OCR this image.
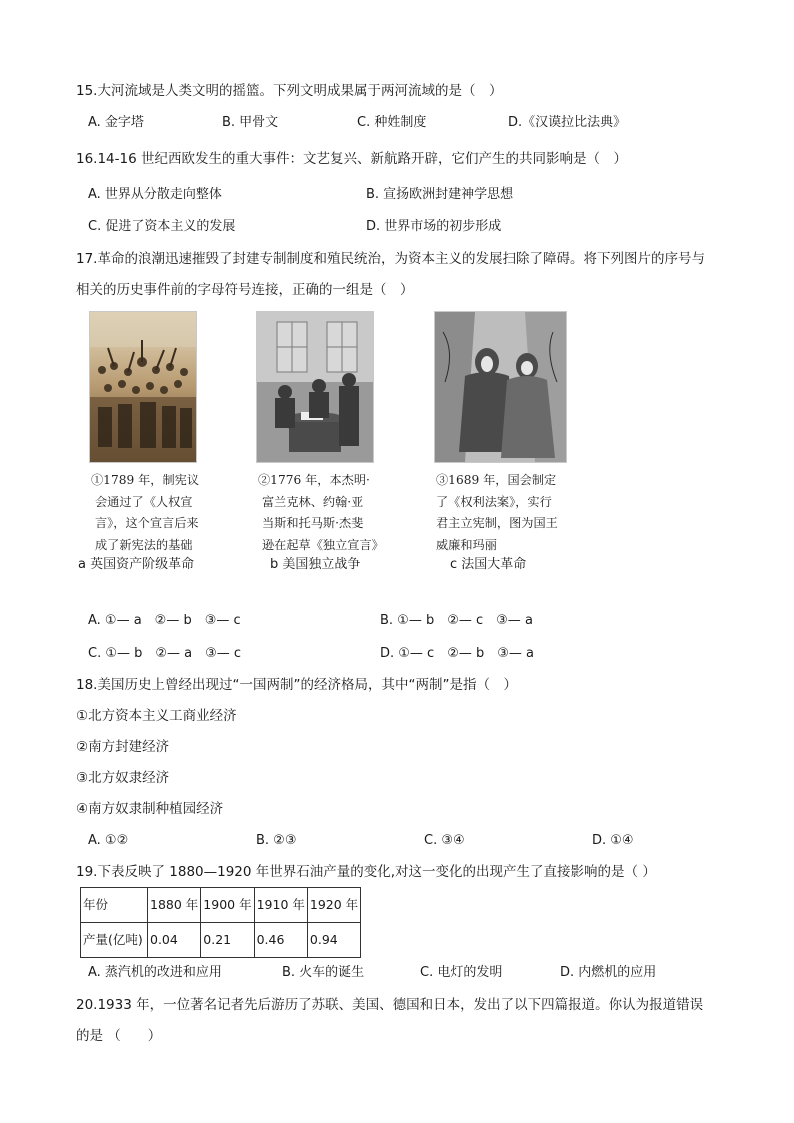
15.大河流域是人类文明的摇篮。下列文明成果属于两河流域的是（　）
A. 金字塔	B. 甲骨文	C. 种姓制度	D.《汉谟拉比法典》
16.14-16 世纪西欧发生的重大事件：文艺复兴、新航路开辟，它们产生的共同影响是（　）
A. 世界从分散走向整体	B. 宣扬欧洲封建神学思想
C. 促进了资本主义的发展	D. 世界市场的初步形成
17.革命的浪潮迅速摧毁了封建专制制度和殖民统治，为资本主义的发展扫除了障碍。将下列图片的序号与
相关的历史事件前的字母符号连接，正确的一组是（　）
①1789 年，制宪议
会通过了《人权宣
言》，这个宣言后来
成了新宪法的基础
②1776 年，本杰明·
富兰克林、约翰·亚
当斯和托马斯·杰斐
逊在起草《独立宣言》
③1689 年，国会制定
了《权利法案》，实行
君主立宪制，图为国王
威廉和玛丽
a 英国资产阶级革命	b 美国独立战争	c 法国大革命
A. ①— a　②— b　③— c	B. ①— b　②— c　③— a
C. ①— b　②— a　③— c	D. ①— c　②— b　③— a
18.美国历史上曾经出现过“一国两制”的经济格局，其中“两制”是指（　）
①北方资本主义工商业经济
②南方封建经济
③北方奴隶经济
④南方奴隶制种植园经济
A. ①②	B. ②③	C. ③④	D. ①④
19.下表反映了 1880—1920 年世界石油产量的变化,对这一变化的出现产生了直接影响的是（ ）
年份	1880 年	1900 年	1910 年	1920 年
产量(亿吨)	0.04	0.21	0.46	0.94
A. 蒸汽机的改进和应用	B. 火车的诞生	C. 电灯的发明	D. 内燃机的应用
20.1933 年，一位著名记者先后游历了苏联、美国、德国和日本，发出了以下四篇报道。你认为报道错误
的是 （　　）
